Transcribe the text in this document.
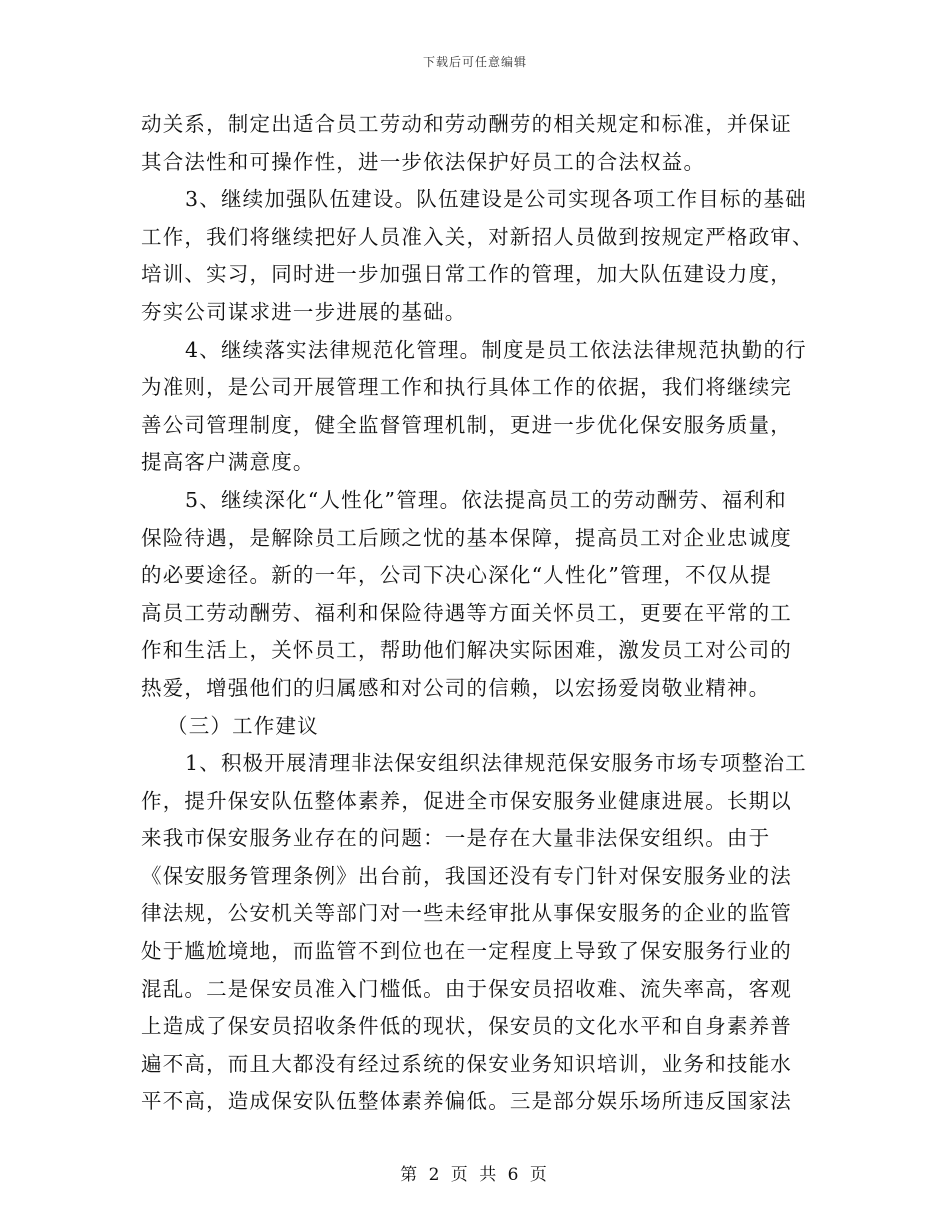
下载后可任意编辑
动关系，制定出适合员工劳动和劳动酬劳的相关规定和标准，并保证
其合法性和可操作性，进一步依法保护好员工的合法权益。
3、继续加强队伍建设。队伍建设是公司实现各项工作目标的基础
工作，我们将继续把好人员准入关，对新招人员做到按规定严格政审、
培训、实习，同时进一步加强日常工作的管理，加大队伍建设力度，
夯实公司谋求进一步进展的基础。
4、继续落实法律规范化管理。制度是员工依法法律规范执勤的行
为准则，是公司开展管理工作和执行具体工作的依据，我们将继续完
善公司管理制度，健全监督管理机制，更进一步优化保安服务质量，
提高客户满意度。
5、继续深化“人性化”管理。依法提高员工的劳动酬劳、福利和
保险待遇，是解除员工后顾之忧的基本保障，提高员工对企业忠诚度
的必要途径。新的一年，公司下决心深化“人性化”管理，不仅从提
高员工劳动酬劳、福利和保险待遇等方面关怀员工，更要在平常的工
作和生活上，关怀员工，帮助他们解决实际困难，激发员工对公司的
热爱，增强他们的归属感和对公司的信赖，以宏扬爱岗敬业精神。
（三）工作建议
1、积极开展清理非法保安组织法律规范保安服务市场专项整治工
作，提升保安队伍整体素养，促进全市保安服务业健康进展。长期以
来我市保安服务业存在的问题：一是存在大量非法保安组织。由于
《保安服务管理条例》出台前，我国还没有专门针对保安服务业的法
律法规，公安机关等部门对一些未经审批从事保安服务的企业的监管
处于尴尬境地，而监管不到位也在一定程度上导致了保安服务行业的
混乱。二是保安员准入门槛低。由于保安员招收难、流失率高，客观
上造成了保安员招收条件低的现状，保安员的文化水平和自身素养普
遍不高，而且大都没有经过系统的保安业务知识培训，业务和技能水
平不高，造成保安队伍整体素养偏低。三是部分娱乐场所违反国家法
第 2 页 共 6 页
